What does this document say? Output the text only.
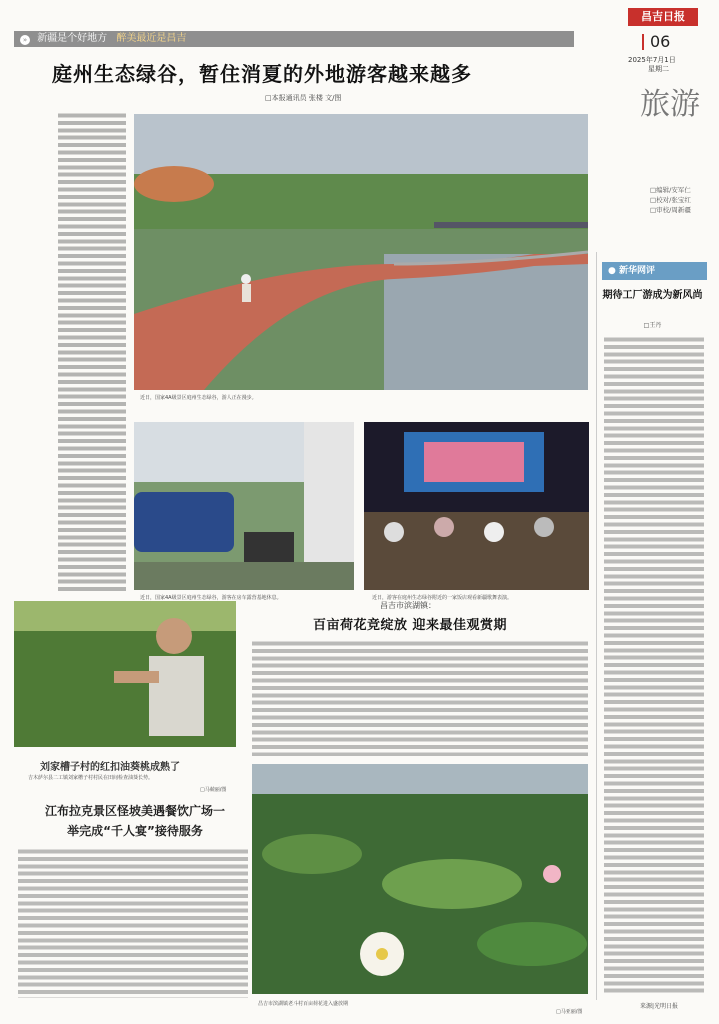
» 新疆是个好地方 醉美最近是昌吉
昌吉日报
06
2025年7月1日
星期二
旅游
□编辑/安军仁
□校对/张宝红
□审校/周新疆
庭州生态绿谷，暂住消夏的外地游客越来越多
□本报通讯员 张楼 文/图
近日，国家4A级景区庭州生态绿谷，游人正在漫步。
近日，国家4A级景区庭州生态绿谷，游客在房车露营基地休息。	近日，游客在庭州生态绿谷附近的一家饭店观看新疆歌舞表演。
刘家槽子村的红扣油葵桃成熟了
吉木萨尔县二工镇刘家槽子村村民在田间检查油葵长势。
□马兢丽/图
江布拉克景区怪坡美遇餐饮广场一举完成“千人宴”接待服务
昌吉市滨湖镇：
百亩荷花竞绽放 迎来最佳观赏期
昌吉市滨湖镇老斗村百亩荷花进入盛放期
□马亚丽/图
● 新华网评
期待工厂游成为新风尚
□王丹
来源|光明日报
